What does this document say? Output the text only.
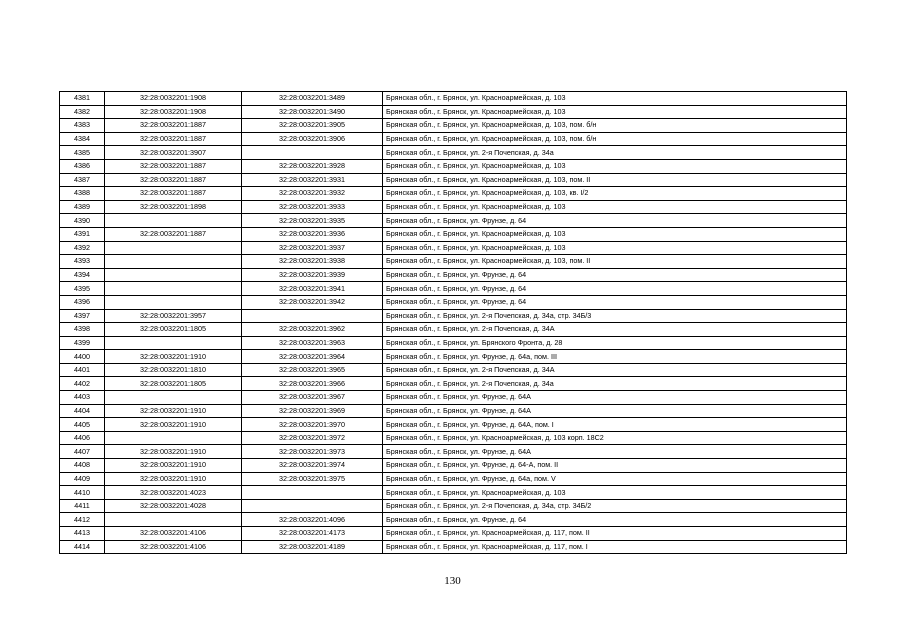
4381	32:28:0032201:1908	32:28:0032201:3489	Брянская обл., г. Брянск, ул. Красноармейская, д. 103
4382	32:28:0032201:1908	32:28:0032201:3490	Брянская обл., г. Брянск, ул. Красноармейская, д. 103
4383	32:28:0032201:1887	32:28:0032201:3905	Брянская обл., г. Брянск, ул. Красноармейская, д. 103, пом. б/н
4384	32:28:0032201:1887	32:28:0032201:3906	Брянская обл., г. Брянск, ул. Красноармейская, д. 103, пом. б/н
4385	32:28:0032201:3907		Брянская обл., г. Брянск, ул. 2-я Почепская, д. 34а
4386	32:28:0032201:1887	32:28:0032201:3928	Брянская обл., г. Брянск, ул. Красноармейская, д. 103
4387	32:28:0032201:1887	32:28:0032201:3931	Брянская обл., г. Брянск, ул. Красноармейская, д. 103, пом. II
4388	32:28:0032201:1887	32:28:0032201:3932	Брянская обл., г. Брянск, ул. Красноармейская, д. 103, кв. I/2
4389	32:28:0032201:1898	32:28:0032201:3933	Брянская обл., г. Брянск, ул. Красноармейская, д. 103
4390		32:28:0032201:3935	Брянская обл., г. Брянск, ул. Фрунзе, д. 64
4391	32:28:0032201:1887	32:28:0032201:3936	Брянская обл., г. Брянск, ул. Красноармейская, д. 103
4392		32:28:0032201:3937	Брянская обл., г. Брянск, ул. Красноармейская, д. 103
4393		32:28:0032201:3938	Брянская обл., г. Брянск, ул. Красноармейская, д. 103, пом. II
4394		32:28:0032201:3939	Брянская обл., г. Брянск, ул. Фрунзе, д. 64
4395		32:28:0032201:3941	Брянская обл., г. Брянск, ул. Фрунзе, д. 64
4396		32:28:0032201:3942	Брянская обл., г. Брянск, ул. Фрунзе, д. 64
4397	32:28:0032201:3957		Брянская обл., г. Брянск, ул. 2-я Почепская, д. 34а, стр. 34Б/3
4398	32:28:0032201:1805	32:28:0032201:3962	Брянская обл., г. Брянск, ул. 2-я Почепская, д. 34А
4399		32:28:0032201:3963	Брянская обл., г. Брянск, ул. Брянского Фронта, д. 28
4400	32:28:0032201:1910	32:28:0032201:3964	Брянская обл., г. Брянск, ул. Фрунзе, д. 64а, пом. III
4401	32:28:0032201:1810	32:28:0032201:3965	Брянская обл., г. Брянск, ул. 2-я Почепская, д. 34А
4402	32:28:0032201:1805	32:28:0032201:3966	Брянская обл., г. Брянск, ул. 2-я Почепская, д. 34а
4403		32:28:0032201:3967	Брянская обл., г. Брянск, ул. Фрунзе, д. 64А
4404	32:28:0032201:1910	32:28:0032201:3969	Брянская обл., г. Брянск, ул. Фрунзе, д. 64А
4405	32:28:0032201:1910	32:28:0032201:3970	Брянская обл., г. Брянск, ул. Фрунзе, д. 64А, пом. I
4406		32:28:0032201:3972	Брянская обл., г. Брянск, ул. Красноармейская, д. 103 корп. 18С2
4407	32:28:0032201:1910	32:28:0032201:3973	Брянская обл., г. Брянск, ул. Фрунзе, д. 64А
4408	32:28:0032201:1910	32:28:0032201:3974	Брянская обл., г. Брянск, ул. Фрунзе, д. 64-А, пом. II
4409	32:28:0032201:1910	32:28:0032201:3975	Брянская обл., г. Брянск, ул. Фрунзе, д. 64а, пом. V
4410	32:28:0032201:4023		Брянская обл., г. Брянск, ул. Красноармейская, д. 103
4411	32:28:0032201:4028		Брянская обл., г. Брянск, ул. 2-я Почепская, д. 34а, стр. 34Б/2
4412		32:28:0032201:4096	Брянская обл., г. Брянск, ул. Фрунзе, д. 64
4413	32:28:0032201:4106	32:28:0032201:4173	Брянская обл., г. Брянск, ул. Красноармейская, д. 117, пом. II
4414	32:28:0032201:4106	32:28:0032201:4189	Брянская обл., г. Брянск, ул. Красноармейская, д. 117, пом. I
130
